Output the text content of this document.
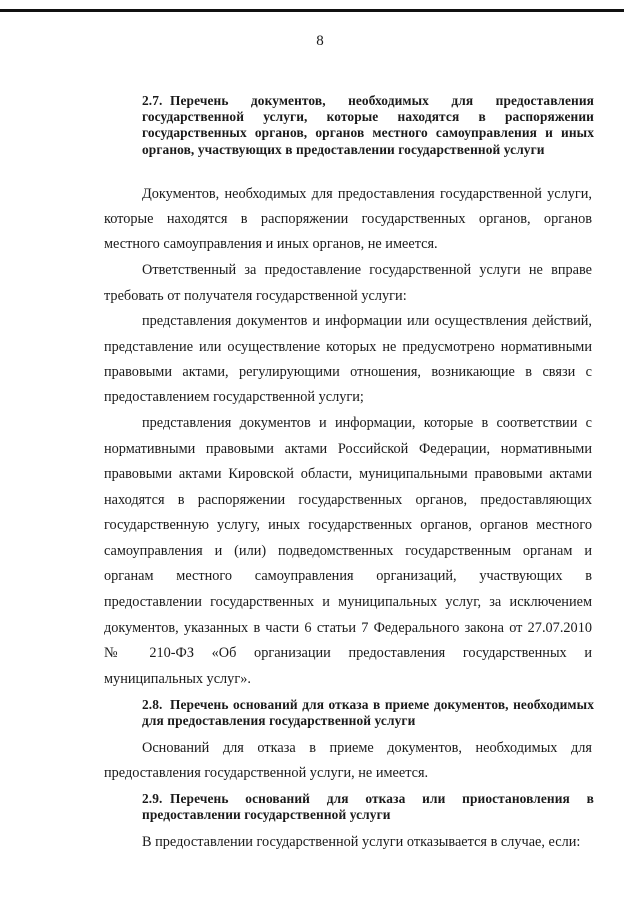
8
2.7. Перечень документов, необходимых для предоставления государственной услуги, которые находятся в распоряжении государственных органов, органов местного самоуправления и иных органов, участвующих в предоставлении государственной услуги
Документов, необходимых для предоставления государственной услуги,
которые находятся в распоряжении государственных органов, органов
местного самоуправления и иных органов, не имеется.
Ответственный за предоставление государственной услуги не вправе
требовать от получателя государственной услуги:
представления документов и информации или осуществления действий,
представление или осуществление которых не предусмотрено нормативными
правовыми актами, регулирующими отношения, возникающие в связи с
предоставлением государственной услуги;
представления документов и информации, которые в соответствии с
нормативными правовыми актами Российской Федерации, нормативными
правовыми актами Кировской области, муниципальными правовыми актами
находятся в распоряжении государственных органов, предоставляющих
государственную услугу, иных государственных органов, органов местного
самоуправления и (или) подведомственных государственным органам и
органам местного самоуправления организаций, участвующих в
предоставлении государственных и муниципальных услуг, за исключением
документов, указанных в части 6 статьи 7 Федерального закона от 27.07.2010
№ 210-ФЗ «Об организации предоставления государственных и
муниципальных услуг».
2.8. Перечень оснований для отказа в приеме документов, необходимых для предоставления государственной услуги
Оснований для отказа в приеме документов, необходимых для
предоставления государственной услуги, не имеется.
2.9. Перечень оснований для отказа или приостановления в предоставлении государственной услуги
В предоставлении государственной услуги отказывается в случае, если:
